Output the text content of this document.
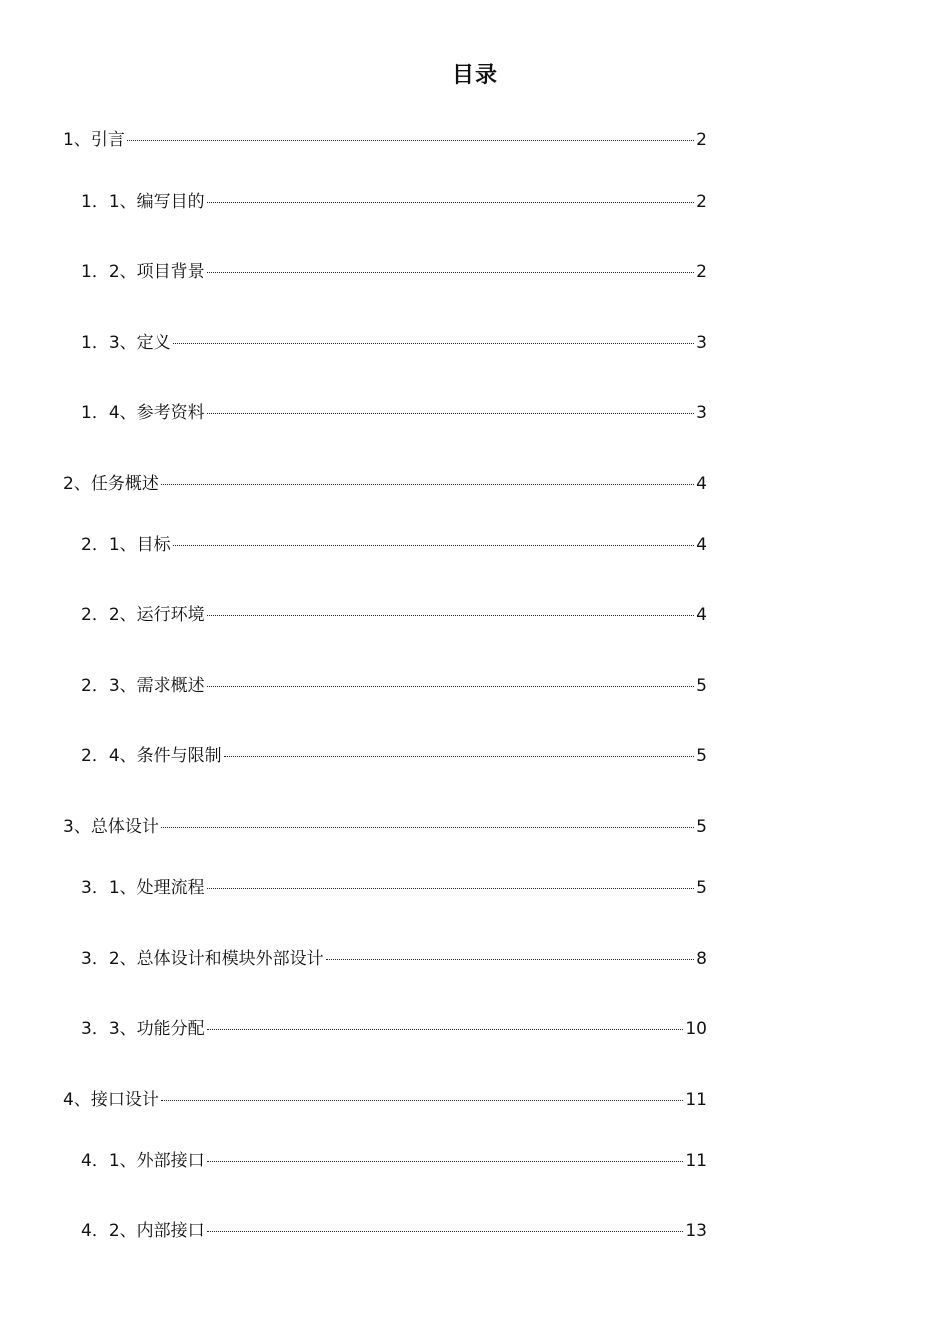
目录
1、引言	2
1．1、编写目的	2
1．2、项目背景	2
1．3、定义	3
1．4、参考资料	3
2、任务概述	4
2．1、目标	4
2．2、运行环境	4
2．3、需求概述	5
2．4、条件与限制	5
3、总体设计	5
3．1、处理流程	5
3．2、总体设计和模块外部设计	8
3．3、功能分配	10
4、接口设计	11
4．1、外部接口	11
4．2、内部接口	13
